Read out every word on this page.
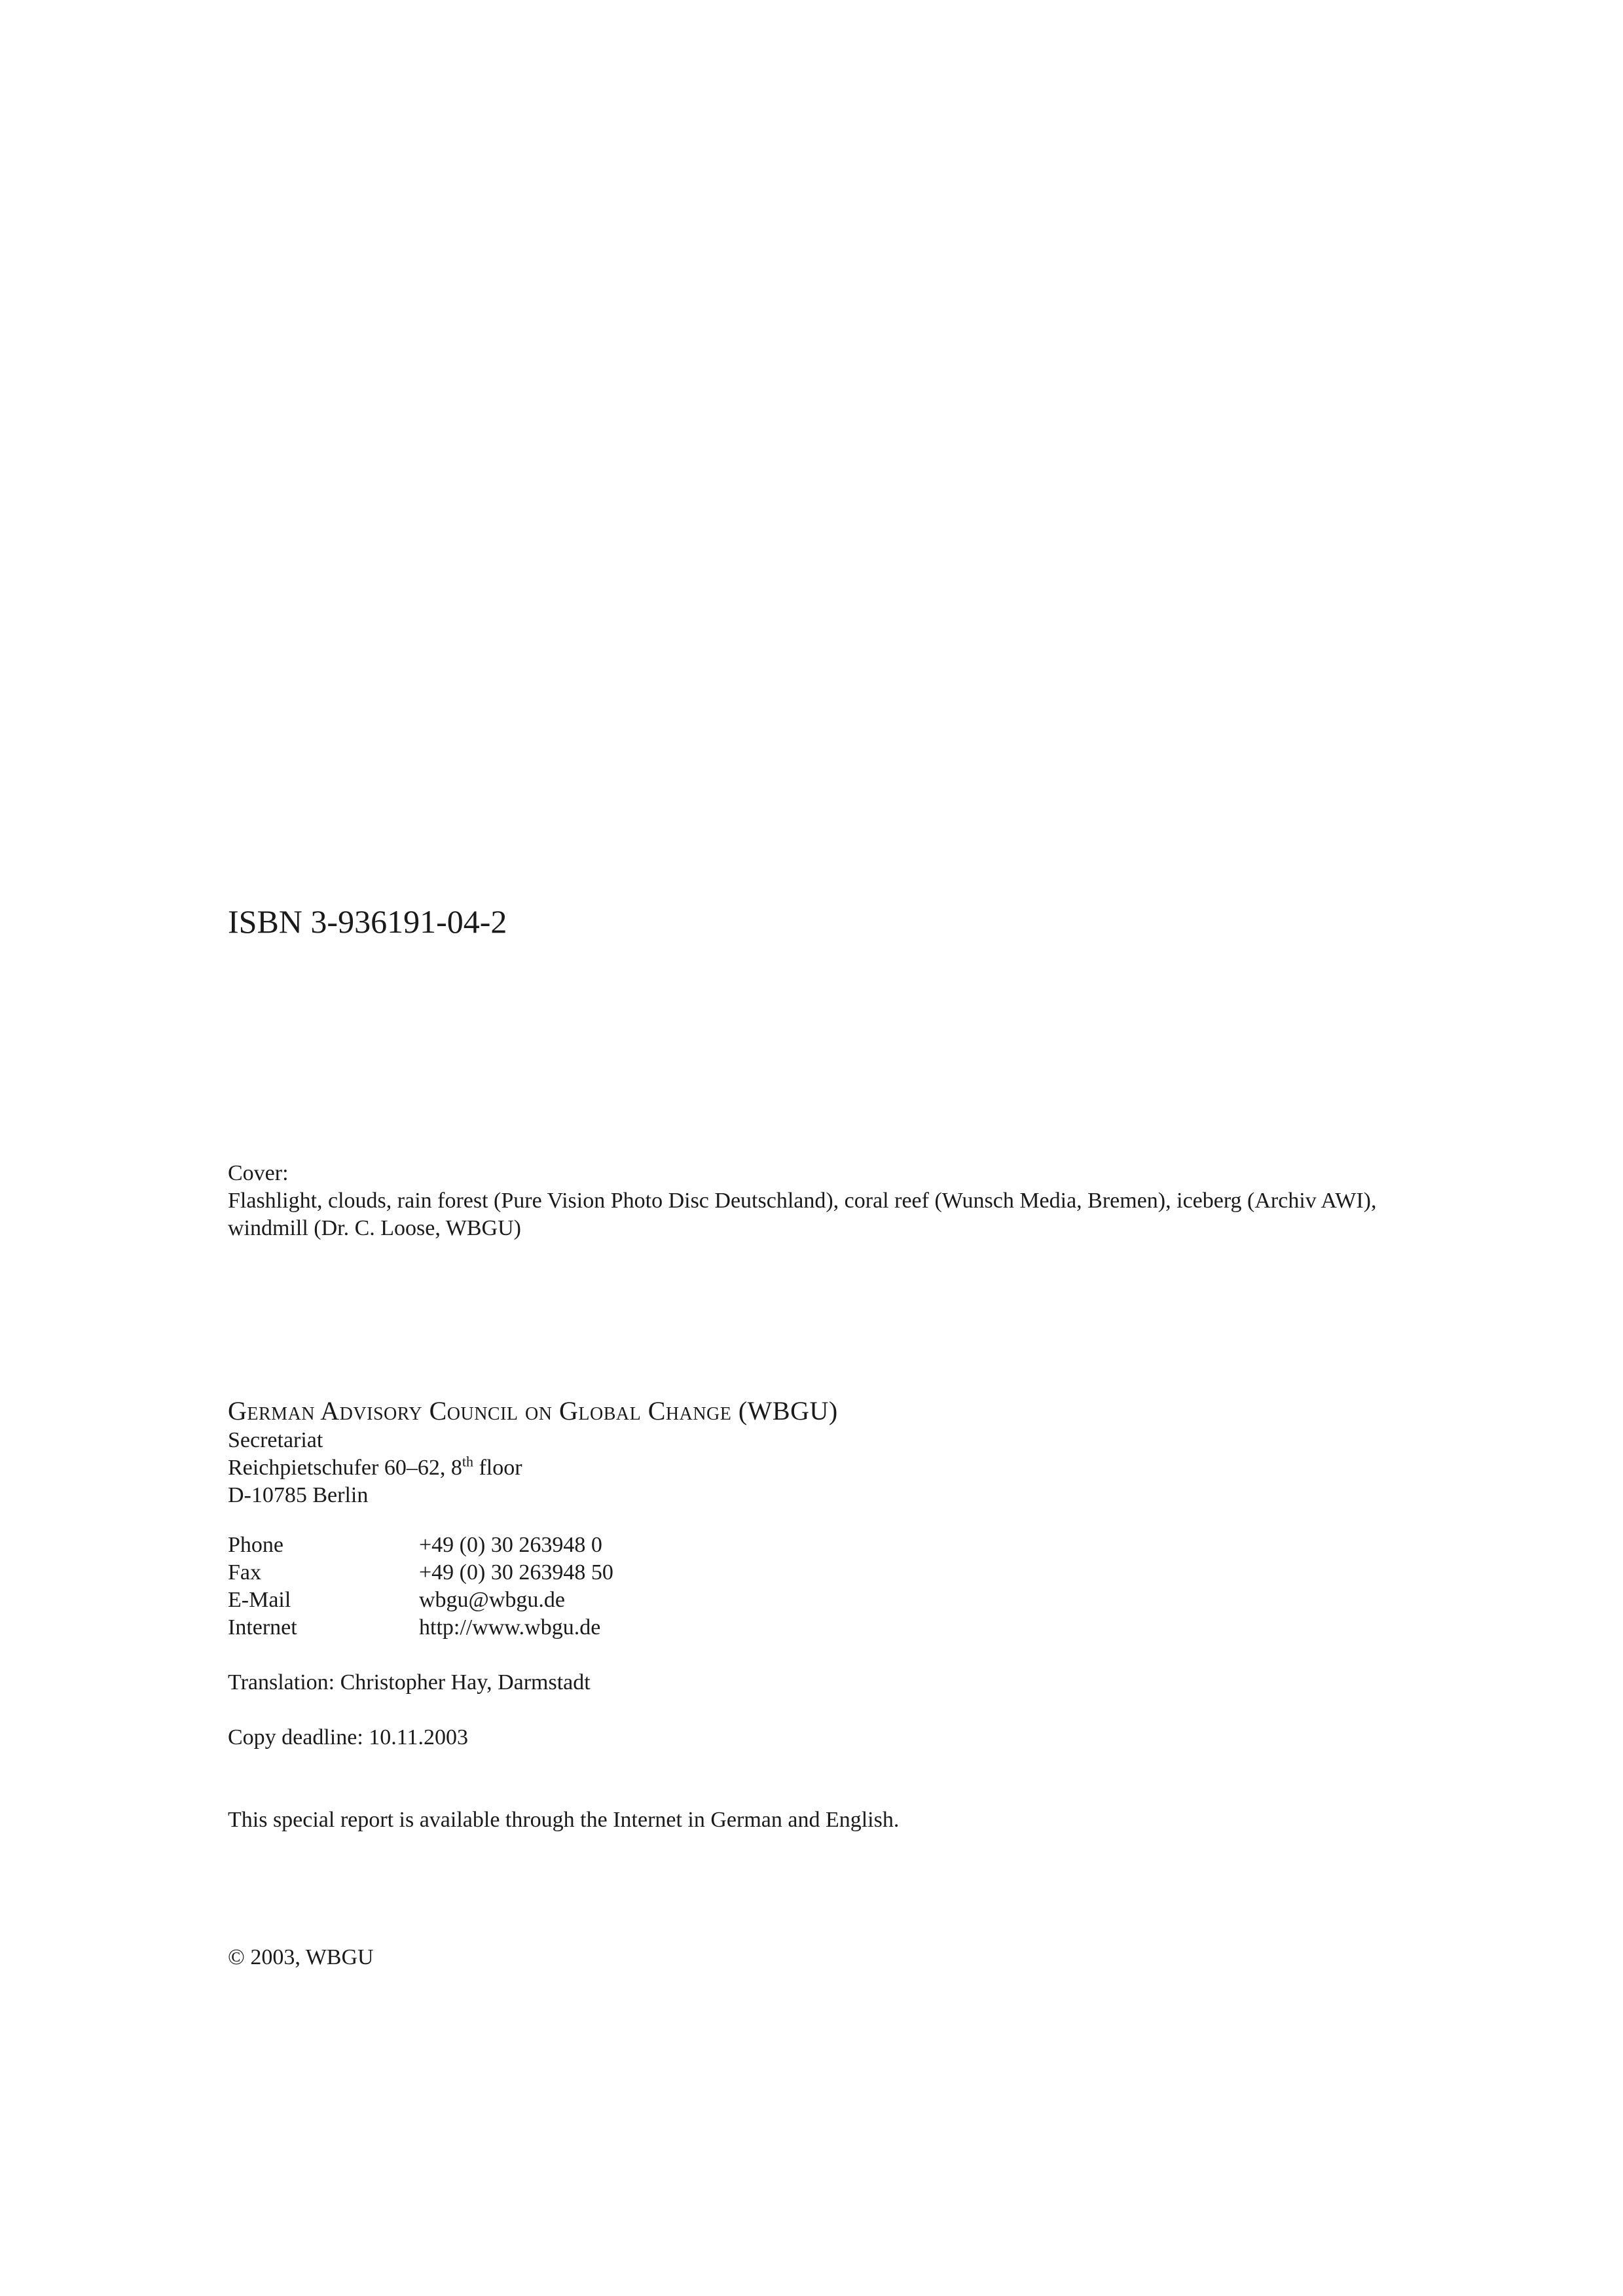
ISBN 3-936191-04-2

Cover:

Flashlight, clouds, rain forest (Pure Vision Photo Disc Deutschland), coral reef (Wunsch Media, Bremen), iceberg (Archiv AWI), windmill (Dr. C. Loose, WBGU)

German Advisory Council on Global Change (WBGU)
Secretariat
Reichpietschufer 60–62, 8th floor
D-10785 Berlin
Phone	+49 (0) 30 263948 0
Fax	+49 (0) 30 263948 50
E-Mail	wbgu@wbgu.de
Internet	http://www.wbgu.de
Translation: Christopher Hay, Darmstadt
Copy deadline: 10.11.2003
This special report is available through the Internet in German and English.
© 2003, WBGU
